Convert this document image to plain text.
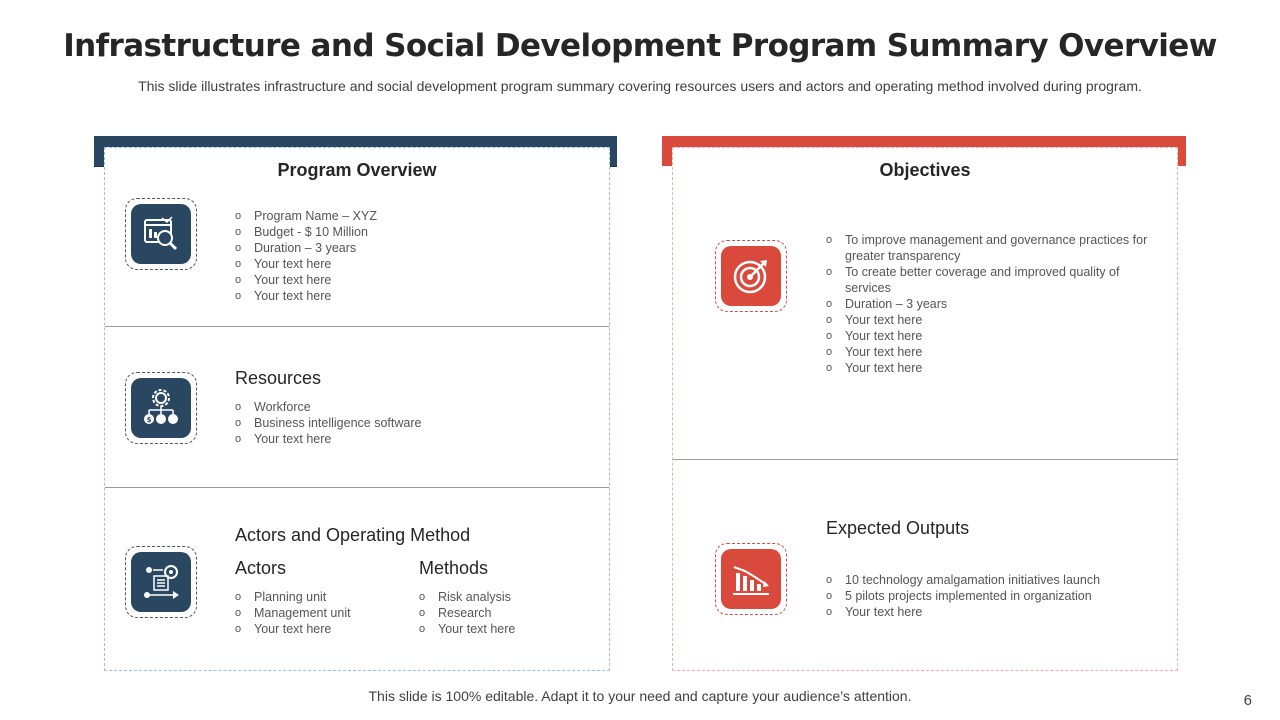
Infrastructure and Social Development Program Summary Overview
This slide illustrates infrastructure and social development program summary covering resources users and actors and operating method involved during program.
Program Overview
o Program Name – XYZ
o Budget - $ 10 Million
o Duration – 3 years
o Your text here
o Your text here
o Your text here
$
Resources
o Workforce
o Business intelligence software
o Your text here
Actors and Operating Method
Actors	Methods
o Planning unit
o Management unit
o Your text here
o Risk analysis
o Research
o Your text here
Objectives
o To improve management and governance practices for greater transparency
o To create better coverage and improved quality of services
o Duration – 3 years
o Your text here
o Your text here
o Your text here
o Your text here
Expected Outputs
o 10 technology amalgamation initiatives launch
o 5 pilots projects implemented in organization
o Your text here
This slide is 100% editable. Adapt it to your need and capture your audience’s attention.	6
